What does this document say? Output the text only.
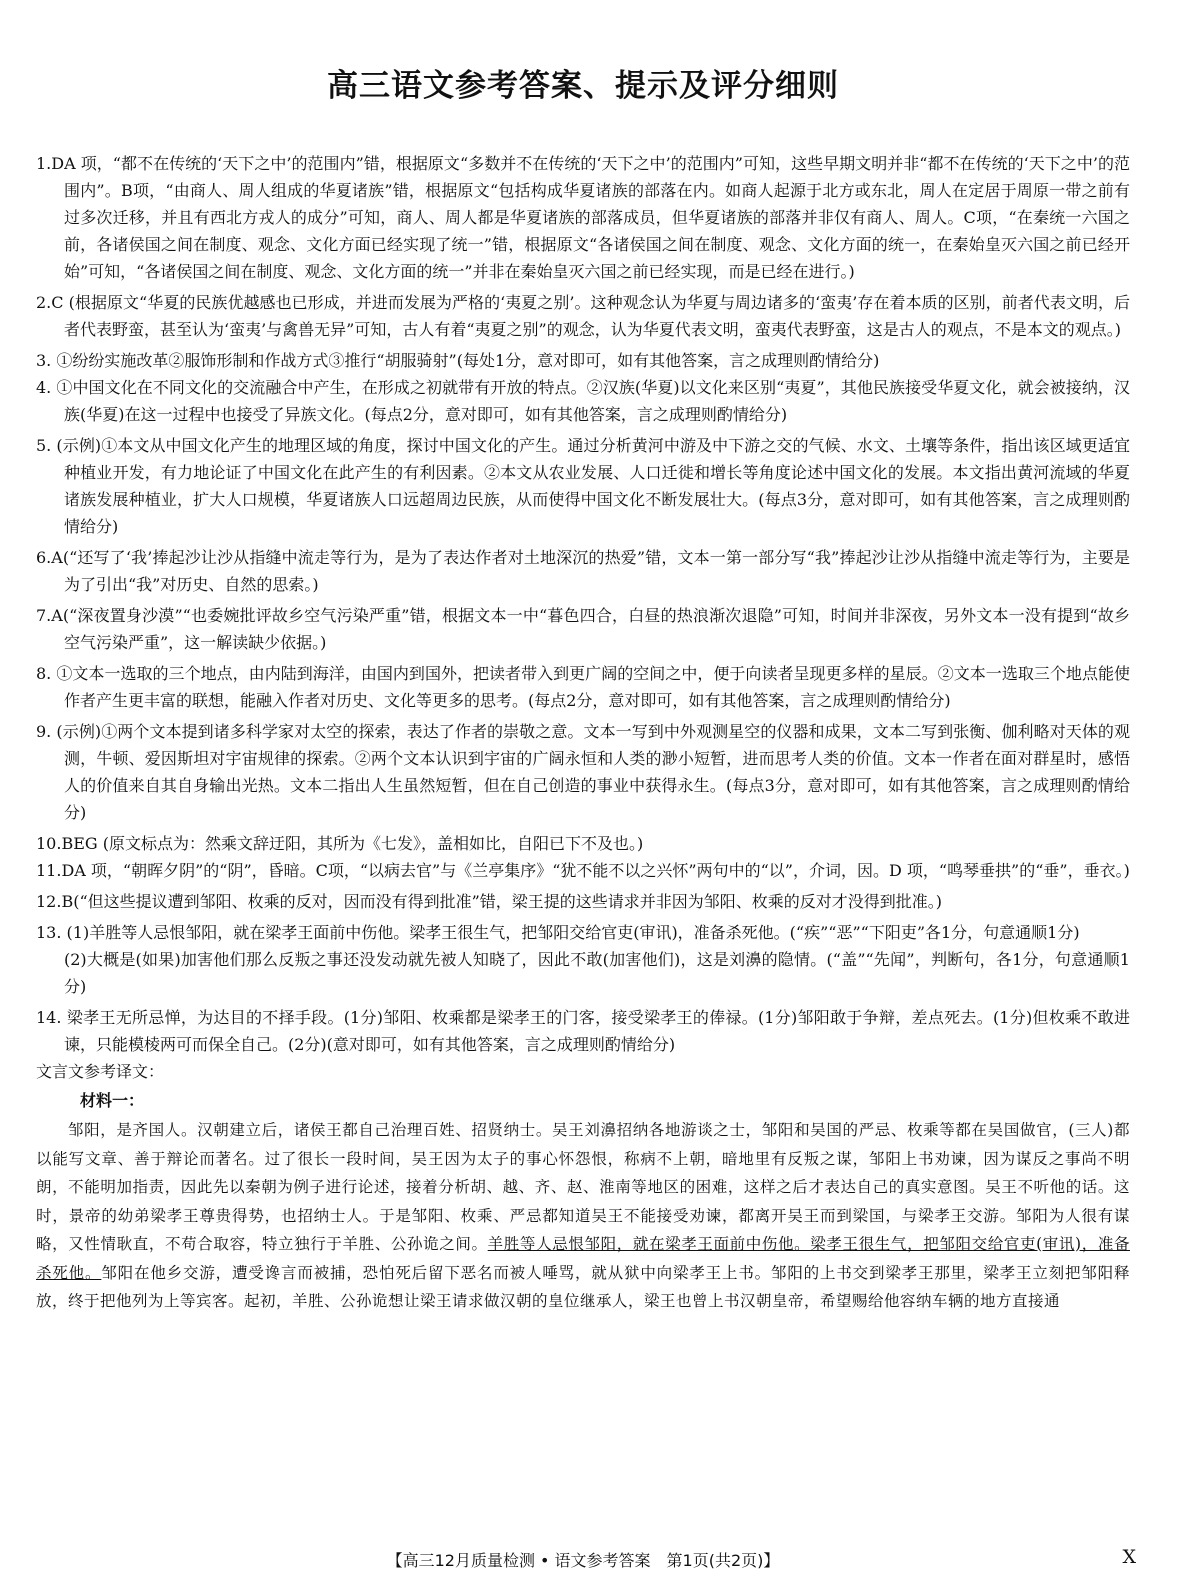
高三语文参考答案、提示及评分细则

1.DA 项，“都不在传统的‘天下之中’的范围内”错，根据原文“多数并不在传统的‘天下之中’的范围内”可知，这些早期文明并非“都不在传统的‘天下之中’的范围内”。B项，“由商人、周人组成的华夏诸族”错，根据原文“包括构成华夏诸族的部落在内。如商人起源于北方或东北，周人在定居于周原一带之前有过多次迁移，并且有西北方戎人的成分”可知，商人、周人都是华夏诸族的部落成员，但华夏诸族的部落并非仅有商人、周人。C项，“在秦统一六国之前，各诸侯国之间在制度、观念、文化方面已经实现了统一”错，根据原文“各诸侯国之间在制度、观念、文化方面的统一，在秦始皇灭六国之前已经开始”可知，“各诸侯国之间在制度、观念、文化方面的统一”并非在秦始皇灭六国之前已经实现，而是已经在进行。)

2.C (根据原文“华夏的民族优越感也已形成，并进而发展为严格的‘夷夏之别’。这种观念认为华夏与周边诸多的‘蛮夷’存在着本质的区别，前者代表文明，后者代表野蛮，甚至认为‘蛮夷’与禽兽无异”可知，古人有着“夷夏之别”的观念，认为华夏代表文明，蛮夷代表野蛮，这是古人的观点，不是本文的观点。)

3. ①纷纷实施改革②服饰形制和作战方式③推行“胡服骑射”(每处1分，意对即可，如有其他答案，言之成理则酌情给分)

4. ①中国文化在不同文化的交流融合中产生，在形成之初就带有开放的特点。②汉族(华夏)以文化来区别“夷夏”，其他民族接受华夏文化，就会被接纳，汉族(华夏)在这一过程中也接受了异族文化。(每点2分，意对即可，如有其他答案，言之成理则酌情给分)

5. (示例)①本文从中国文化产生的地理区域的角度，探讨中国文化的产生。通过分析黄河中游及中下游之交的气候、水文、土壤等条件，指出该区域更适宜种植业开发，有力地论证了中国文化在此产生的有利因素。②本文从农业发展、人口迁徙和增长等角度论述中国文化的发展。本文指出黄河流域的华夏诸族发展种植业，扩大人口规模，华夏诸族人口远超周边民族，从而使得中国文化不断发展壮大。(每点3分，意对即可，如有其他答案，言之成理则酌情给分)

6.A(“还写了‘我’捧起沙让沙从指缝中流走等行为，是为了表达作者对土地深沉的热爱”错，文本一第一部分写“我”捧起沙让沙从指缝中流走等行为，主要是为了引出“我”对历史、自然的思索。)

7.A(“深夜置身沙漠”“也委婉批评故乡空气污染严重”错，根据文本一中“暮色四合，白昼的热浪渐次退隐”可知，时间并非深夜，另外文本一没有提到“故乡空气污染严重”，这一解读缺少依据。)

8. ①文本一选取的三个地点，由内陆到海洋，由国内到国外，把读者带入到更广阔的空间之中，便于向读者呈现更多样的星辰。②文本一选取三个地点能使作者产生更丰富的联想，能融入作者对历史、文化等更多的思考。(每点2分，意对即可，如有其他答案，言之成理则酌情给分)

9. (示例)①两个文本提到诸多科学家对太空的探索，表达了作者的崇敬之意。文本一写到中外观测星空的仪器和成果，文本二写到张衡、伽利略对天体的观测，牛顿、爱因斯坦对宇宙规律的探索。②两个文本认识到宇宙的广阔永恒和人类的渺小短暂，进而思考人类的价值。文本一作者在面对群星时，感悟人的价值来自其自身输出光热。文本二指出人生虽然短暂，但在自己创造的事业中获得永生。(每点3分，意对即可，如有其他答案，言之成理则酌情给分)

10.BEG (原文标点为：然乘文辞迂阳，其所为《七发》，盖相如比，自阳已下不及也。)

11.DA 项，“朝晖夕阴”的“阴”，昏暗。C项，“以病去官”与《兰亭集序》“犹不能不以之兴怀”两句中的“以”，介词，因。D 项，“鸣琴垂拱”的“垂”，垂衣。)

12.B(“但这些提议遭到邹阳、枚乘的反对，因而没有得到批准”错，梁王提的这些请求并非因为邹阳、枚乘的反对才没得到批准。)

13. (1)羊胜等人忌恨邹阳，就在梁孝王面前中伤他。梁孝王很生气，把邹阳交给官吏(审讯)，准备杀死他。(“疾”“恶”“下阳吏”各1分，句意通顺1分)

(2)大概是(如果)加害他们那么反叛之事还没发动就先被人知晓了，因此不敢(加害他们)，这是刘濞的隐情。(“盖”“先闻”，判断句，各1分，句意通顺1分)

14. 梁孝王无所忌惮，为达目的不择手段。(1分)邹阳、枚乘都是梁孝王的门客，接受梁孝王的俸禄。(1分)邹阳敢于争辩，差点死去。(1分)但枚乘不敢进谏，只能模棱两可而保全自己。(2分)(意对即可，如有其他答案，言之成理则酌情给分)

文言文参考译文：

材料一：

邹阳，是齐国人。汉朝建立后，诸侯王都自己治理百姓、招贤纳士。吴王刘濞招纳各地游谈之士，邹阳和吴国的严忌、枚乘等都在吴国做官，(三人)都以能写文章、善于辩论而著名。过了很长一段时间，吴王因为太子的事心怀怨恨，称病不上朝，暗地里有反叛之谋，邹阳上书劝谏，因为谋反之事尚不明朗，不能明加指责，因此先以秦朝为例子进行论述，接着分析胡、越、齐、赵、淮南等地区的困难，这样之后才表达自己的真实意图。吴王不听他的话。这时，景帝的幼弟梁孝王尊贵得势，也招纳士人。于是邹阳、枚乘、严忌都知道吴王不能接受劝谏，都离开吴王而到梁国，与梁孝王交游。邹阳为人很有谋略，又性情耿直，不苟合取容，特立独行于羊胜、公孙诡之间。羊胜等人忌恨邹阳，就在梁孝王面前中伤他。梁孝王很生气，把邹阳交给官吏(审讯)，准备杀死他。邹阳在他乡交游，遭受谗言而被捕，恐怕死后留下恶名而被人唾骂，就从狱中向梁孝王上书。邹阳的上书交到梁孝王那里，梁孝王立刻把邹阳释放，终于把他列为上等宾客。起初，羊胜、公孙诡想让梁王请求做汉朝的皇位继承人，梁王也曾上书汉朝皇帝，希望赐给他容纳车辆的地方直接通

【高三12月质量检测 • 语文参考答案　第1页(共2页)】	X
